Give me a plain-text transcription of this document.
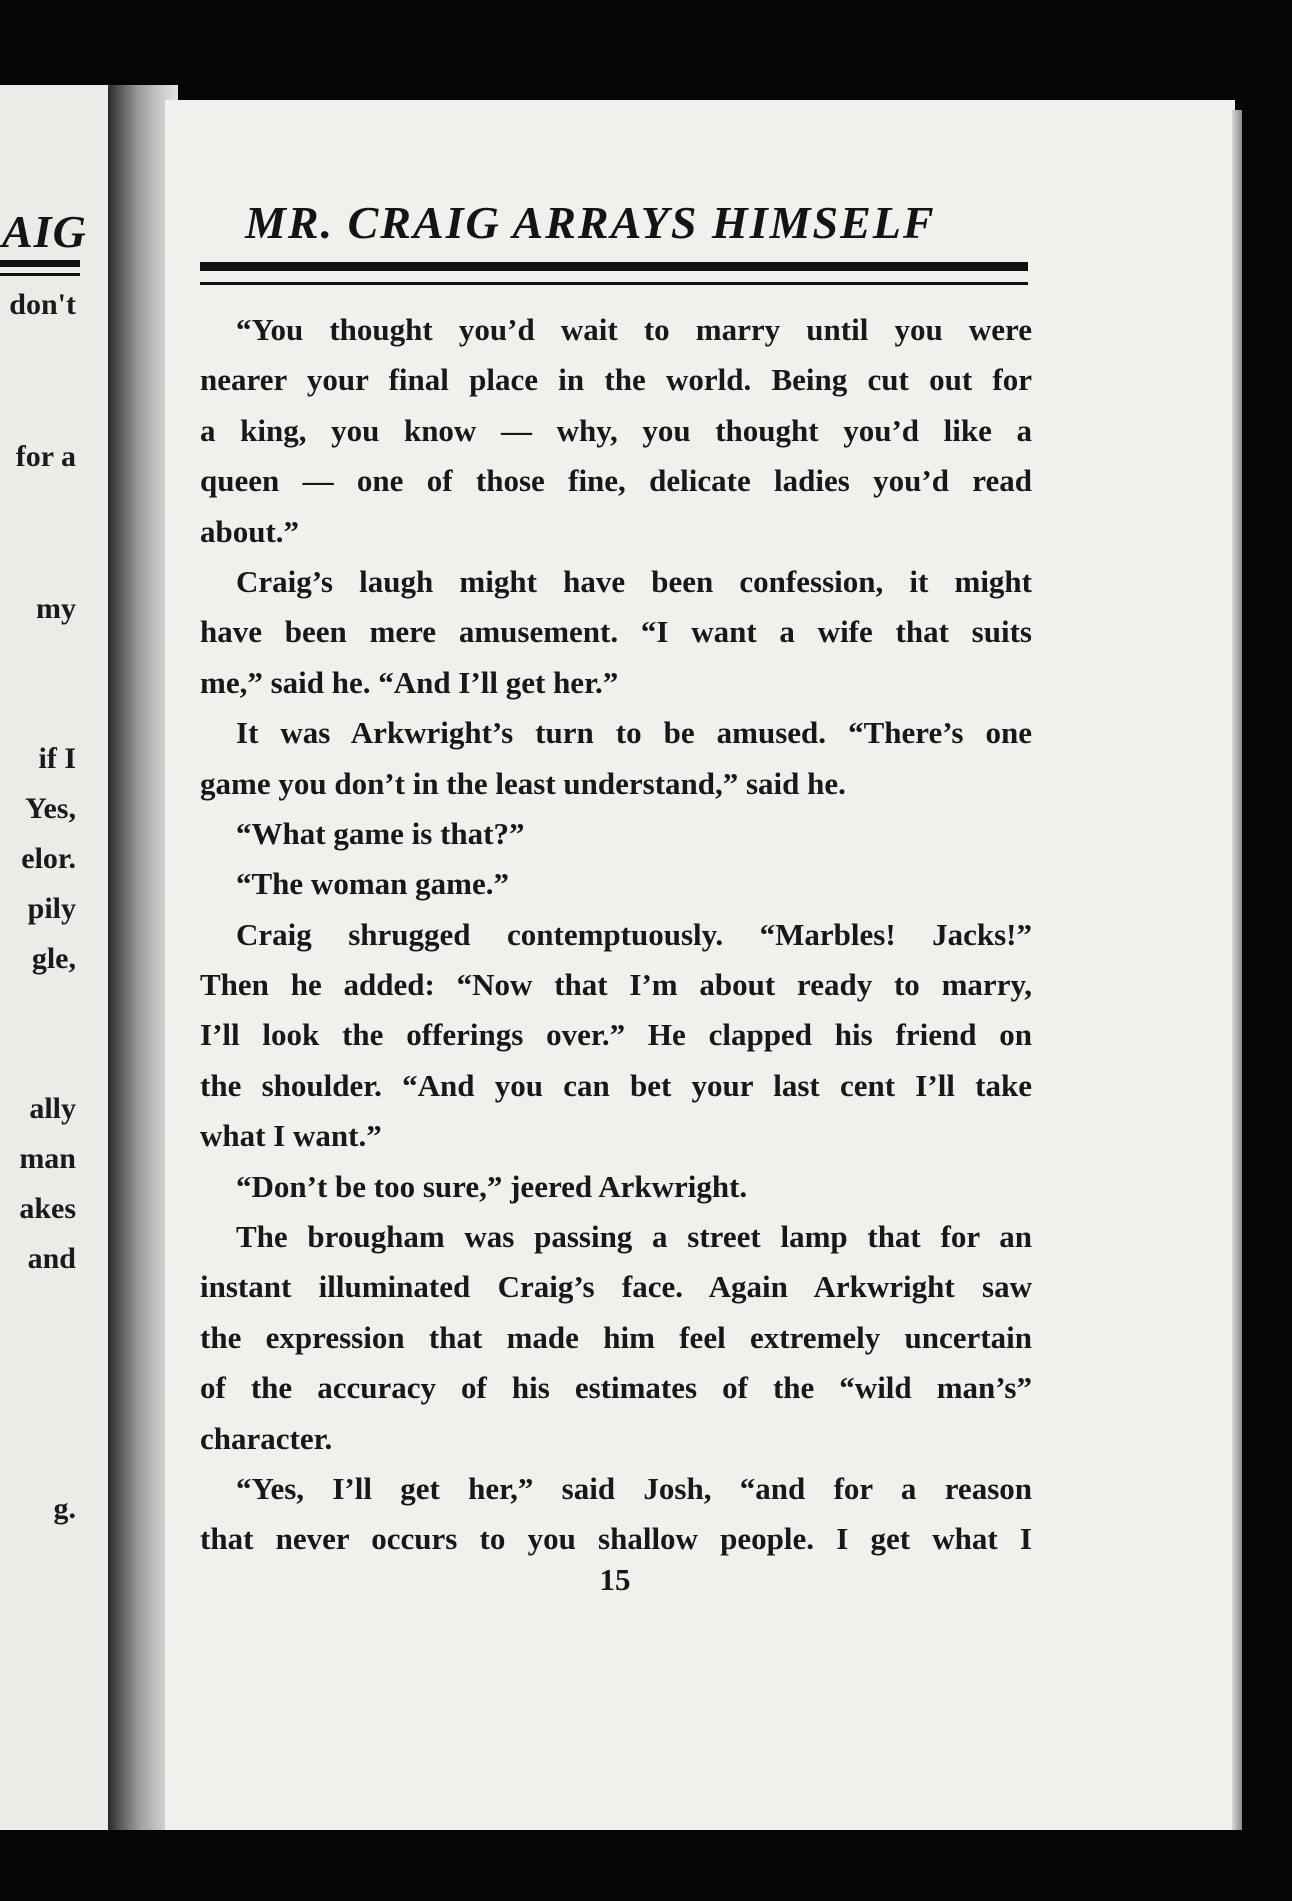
AIG
don't
for a
my
if I
Yes,
elor.
pily
gle,
ally
man
akes
and
g.
MR. CRAIG ARRAYS HIMSELF
“You thought you’d wait to marry until you were
nearer your final place in the world. Being cut out for
a king, you know — why, you thought you’d like a
queen — one of those fine, delicate ladies you’d read
about.”
Craig’s laugh might have been confession, it might
have been mere amusement. “I want a wife that suits
me,” said he. “And I’ll get her.”
It was Arkwright’s turn to be amused. “There’s one
game you don’t in the least understand,” said he.
“What game is that?”
“The woman game.”
Craig shrugged contemptuously. “Marbles! Jacks!”
Then he added: “Now that I’m about ready to marry,
I’ll look the offerings over.” He clapped his friend on
the shoulder. “And you can bet your last cent I’ll take
what I want.”
“Don’t be too sure,” jeered Arkwright.
The brougham was passing a street lamp that for an
instant illuminated Craig’s face. Again Arkwright saw
the expression that made him feel extremely uncertain
of the accuracy of his estimates of the “wild man’s”
character.
“Yes, I’ll get her,” said Josh, “and for a reason
that never occurs to you shallow people. I get what I
15
